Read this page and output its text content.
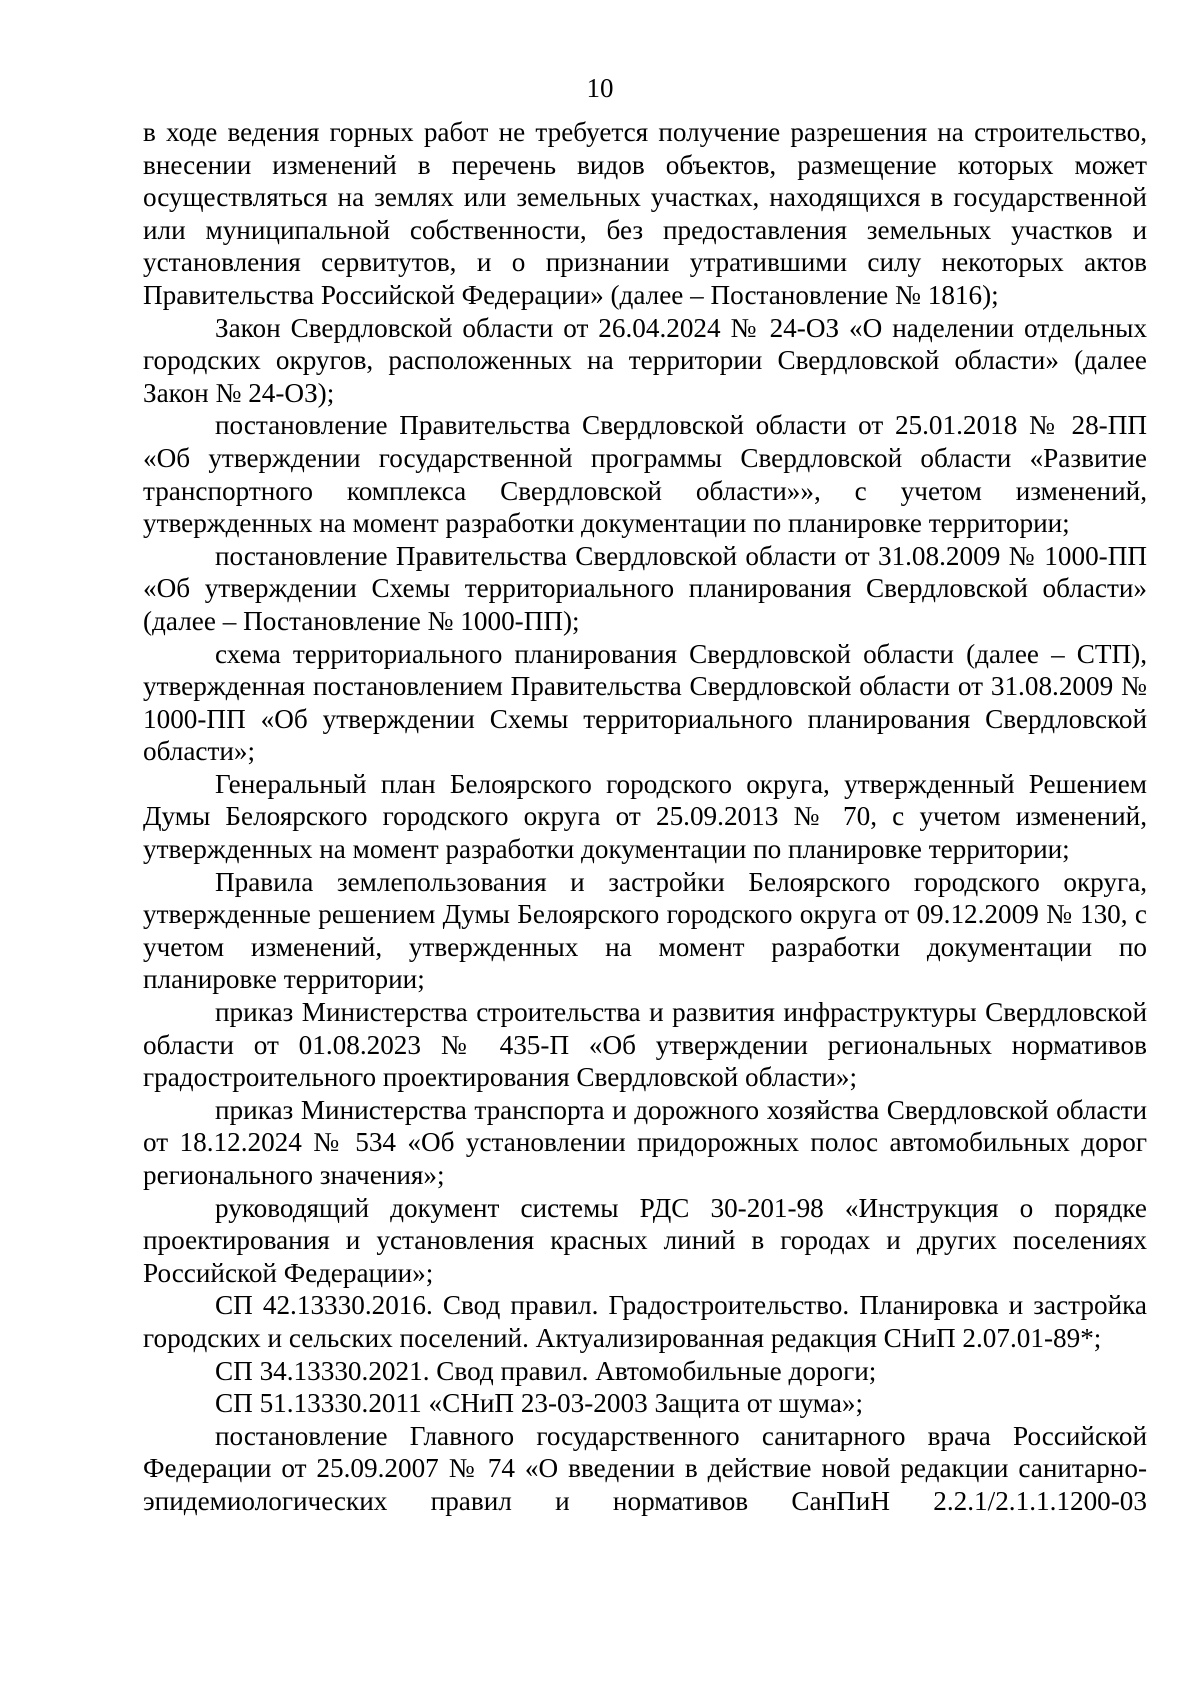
10

в ходе ведения горных работ не требуется получение разрешения на строительство, внесении изменений в перечень видов объектов, размещение которых может осуществляться на землях или земельных участках, находящихся в государственной или муниципальной собственности, без предоставления земельных участков и установления сервитутов, и о признании утратившими силу некоторых актов Правительства Российской Федерации» (далее – Постановление № 1816);

Закон Свердловской области от 26.04.2024 № 24-ОЗ «О наделении отдельных городских округов, расположенных на территории Свердловской области» (далее Закон № 24-ОЗ);

постановление Правительства Свердловской области от 25.01.2018 № 28-ПП «Об утверждении государственной программы Свердловской области «Развитие транспортного комплекса Свердловской области»», с учетом изменений, утвержденных на момент разработки документации по планировке территории;

постановление Правительства Свердловской области от 31.08.2009 № 1000-ПП «Об утверждении Схемы территориального планирования Свердловской области» (далее – Постановление № 1000-ПП);

схема территориального планирования Свердловской области (далее – СТП), утвержденная постановлением Правительства Свердловской области от 31.08.2009 № 1000-ПП «Об утверждении Схемы территориального планирования Свердловской области»;

Генеральный план Белоярского городского округа, утвержденный Решением Думы Белоярского городского округа от 25.09.2013 № 70, с учетом изменений, утвержденных на момент разработки документации по планировке территории;

Правила землепользования и застройки Белоярского городского округа, утвержденные решением Думы Белоярского городского округа от 09.12.2009 № 130, с учетом изменений, утвержденных на момент разработки документации по планировке территории;

приказ Министерства строительства и развития инфраструктуры Свердловской области от 01.08.2023 № 435-П «Об утверждении региональных нормативов градостроительного проектирования Свердловской области»;

приказ Министерства транспорта и дорожного хозяйства Свердловской области от 18.12.2024 № 534 «Об установлении придорожных полос автомобильных дорог регионального значения»;

руководящий документ системы РДС 30-201-98 «Инструкция о порядке проектирования и установления красных линий в городах и других поселениях Российской Федерации»;

СП 42.13330.2016. Свод правил. Градостроительство. Планировка и застройка городских и сельских поселений. Актуализированная редакция СНиП 2.07.01-89*;

СП 34.13330.2021. Свод правил. Автомобильные дороги;

СП 51.13330.2011 «СНиП 23-03-2003 Защита от шума»;

постановление Главного государственного санитарного врача Российской Федерации от 25.09.2007 № 74 «О введении в действие новой редакции санитарно-эпидемиологических правил и нормативов СанПиН 2.2.1/2.1.1.1200-03
